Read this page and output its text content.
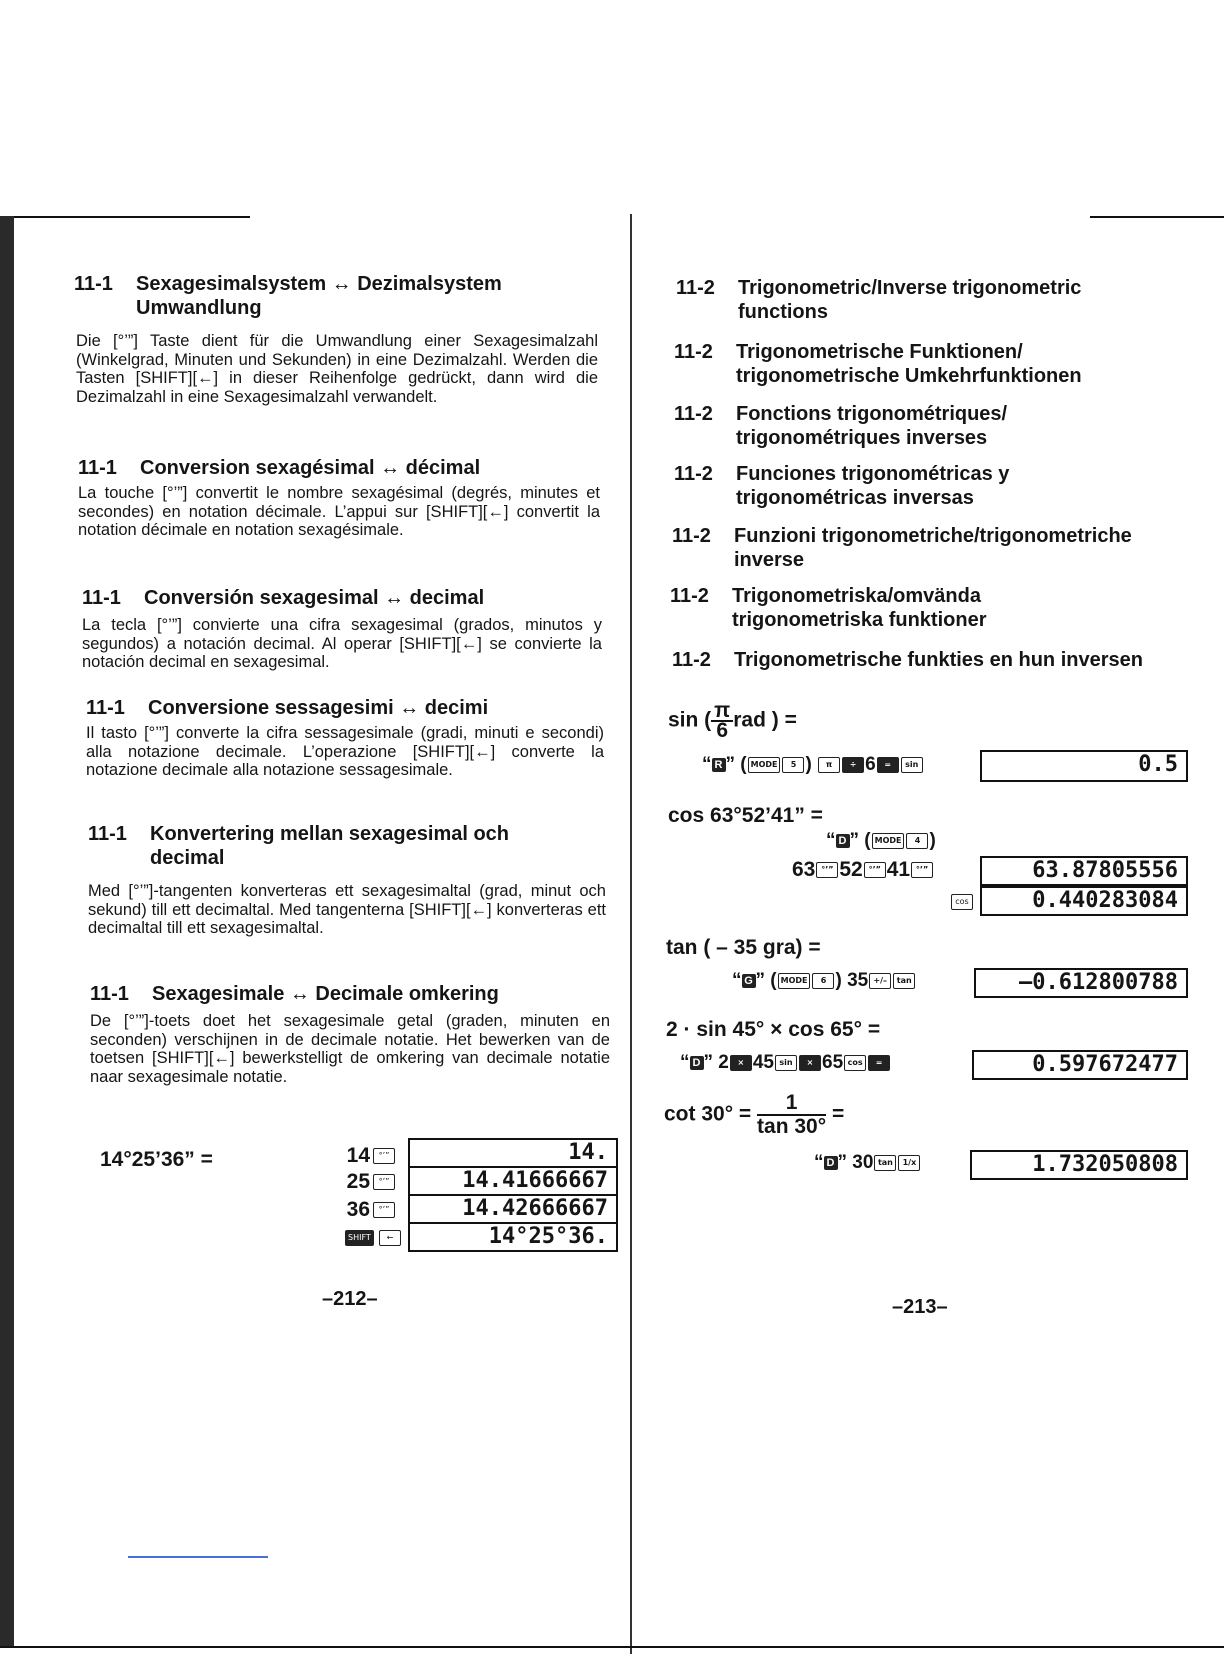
11-1 Sexagesimalsystem ↔ Dezimalsystem
Umwandlung

Die [°’”] Taste dient für die Umwandlung einer Sexagesimalzahl (Winkelgrad, Minuten und Sekunden) in eine Dezimalzahl. Werden die Tasten [SHIFT][←] in dieser Reihenfolge gedrückt, dann wird die Dezimalzahl in eine Sexagesimalzahl verwandelt.

11-1 Conversion sexagésimal ↔ décimal

La touche [°’”] convertit le nombre sexagésimal (degrés, minutes et secondes) en notation décimale. L’appui sur [SHIFT][←] convertit la notation décimale en notation sexagésimale.

11-1 Conversión sexagesimal ↔ decimal

La tecla [°’”] convierte una cifra sexagesimal (grados, minutos y segundos) a notación decimal. Al operar [SHIFT][←] se convierte la notación decimal en sexagesimal.

11-1 Conversione sessagesimi ↔ decimi

Il tasto [°’”] converte la cifra sessagesimale (gradi, minuti e secondi) alla notazione decimale. L’operazione [SHIFT][←] converte la notazione decimale alla notazione sessagesimale.

11-1 Konvertering mellan sexagesimal och
decimal

Med [°’”]-tangenten konverteras ett sexagesimaltal (grad, minut och sekund) till ett decimaltal. Med tangenterna [SHIFT][←] konverteras ett decimaltal till ett sexagesimaltal.

11-1 Sexagesimale ↔ Decimale omkering

De [°’”]-toets doet het sexagesimale getal (graden, minuten en seconden) verschijnen in de decimale notatie. Het bewerken van de toetsen [SHIFT][←] bewerkstelligt de omkering van decimale notatie naar sexagesimale notatie.

14°25’36” =	14	°’”	14.
25	°’”	14.41666667
36	°’”	14.42666667
SHIFT	←	14°25°36.
–212–
11-2 Trigonometric/Inverse trigonometric
functions
11-2 Trigonometrische Funktionen/
trigonometrische Umkehrfunktionen
11-2 Fonctions trigonométriques/
trigonométriques inverses
11-2 Funciones trigonométricas y
trigonométricas inversas
11-2 Funzioni trigonometriche/trigonometriche
inverse
11-2 Trigonometriska/omvända
trigonometriska funktioner
11-2 Trigonometrische funkties en hun inversen
sin ( $\frac{\pi}{6}$ rad ) =
“ R ” ( MODE 5 ) π ÷ 6 = sin	0.5
cos 63°52’41” =
“ D ” ( MODE 4 )
63 °’” 52 °’” 41 °’”	63.87805556
cos	0.440283084
tan ( – 35 gra) =
“ G ” ( MODE 6 ) 35 +/– tan	–0.612800788
2 · sin 45° × cos 65° =
“ D ” 2 × 45 sin × 65 cos =	0.597672477
$\cot 30^\circ = \frac{1}{\tan 30^\circ}$ =
“ D ” 30 tan 1/x	1.732050808
–213–
